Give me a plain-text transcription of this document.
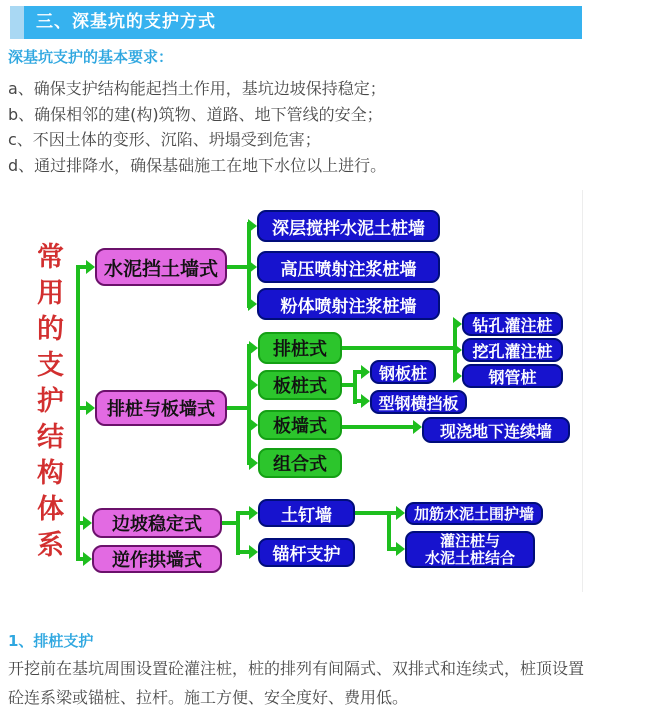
三、深基坑的支护方式
深基坑支护的基本要求：
a、确保支护结构能起挡土作用，基坑边坡保持稳定；
b、确保相邻的建(构)筑物、道路、地下管线的安全；
c、不因土体的变形、沉陷、坍塌受到危害；
d、通过排降水，确保基础施工在地下水位以上进行。
常用的支护结构体系	水泥挡土墙式
排桩与板墙式
边坡稳定式
逆作拱墙式
深层搅拌水泥土桩墙
高压喷射注浆桩墙
粉体喷射注浆桩墙
排桩式
板桩式
板墙式
组合式
钻孔灌注桩
挖孔灌注桩
钢管桩
钢板桩
型钢横挡板
现浇地下连续墙
土钉墙
锚杆支护
加筋水泥土围护墙
灌注桩与
水泥土桩结合
1、排桩支护
开挖前在基坑周围设置砼灌注桩，桩的排列有间隔式、双排式和连续式，桩顶设置
砼连系梁或锚桩、拉杆。施工方便、安全度好、费用低。
